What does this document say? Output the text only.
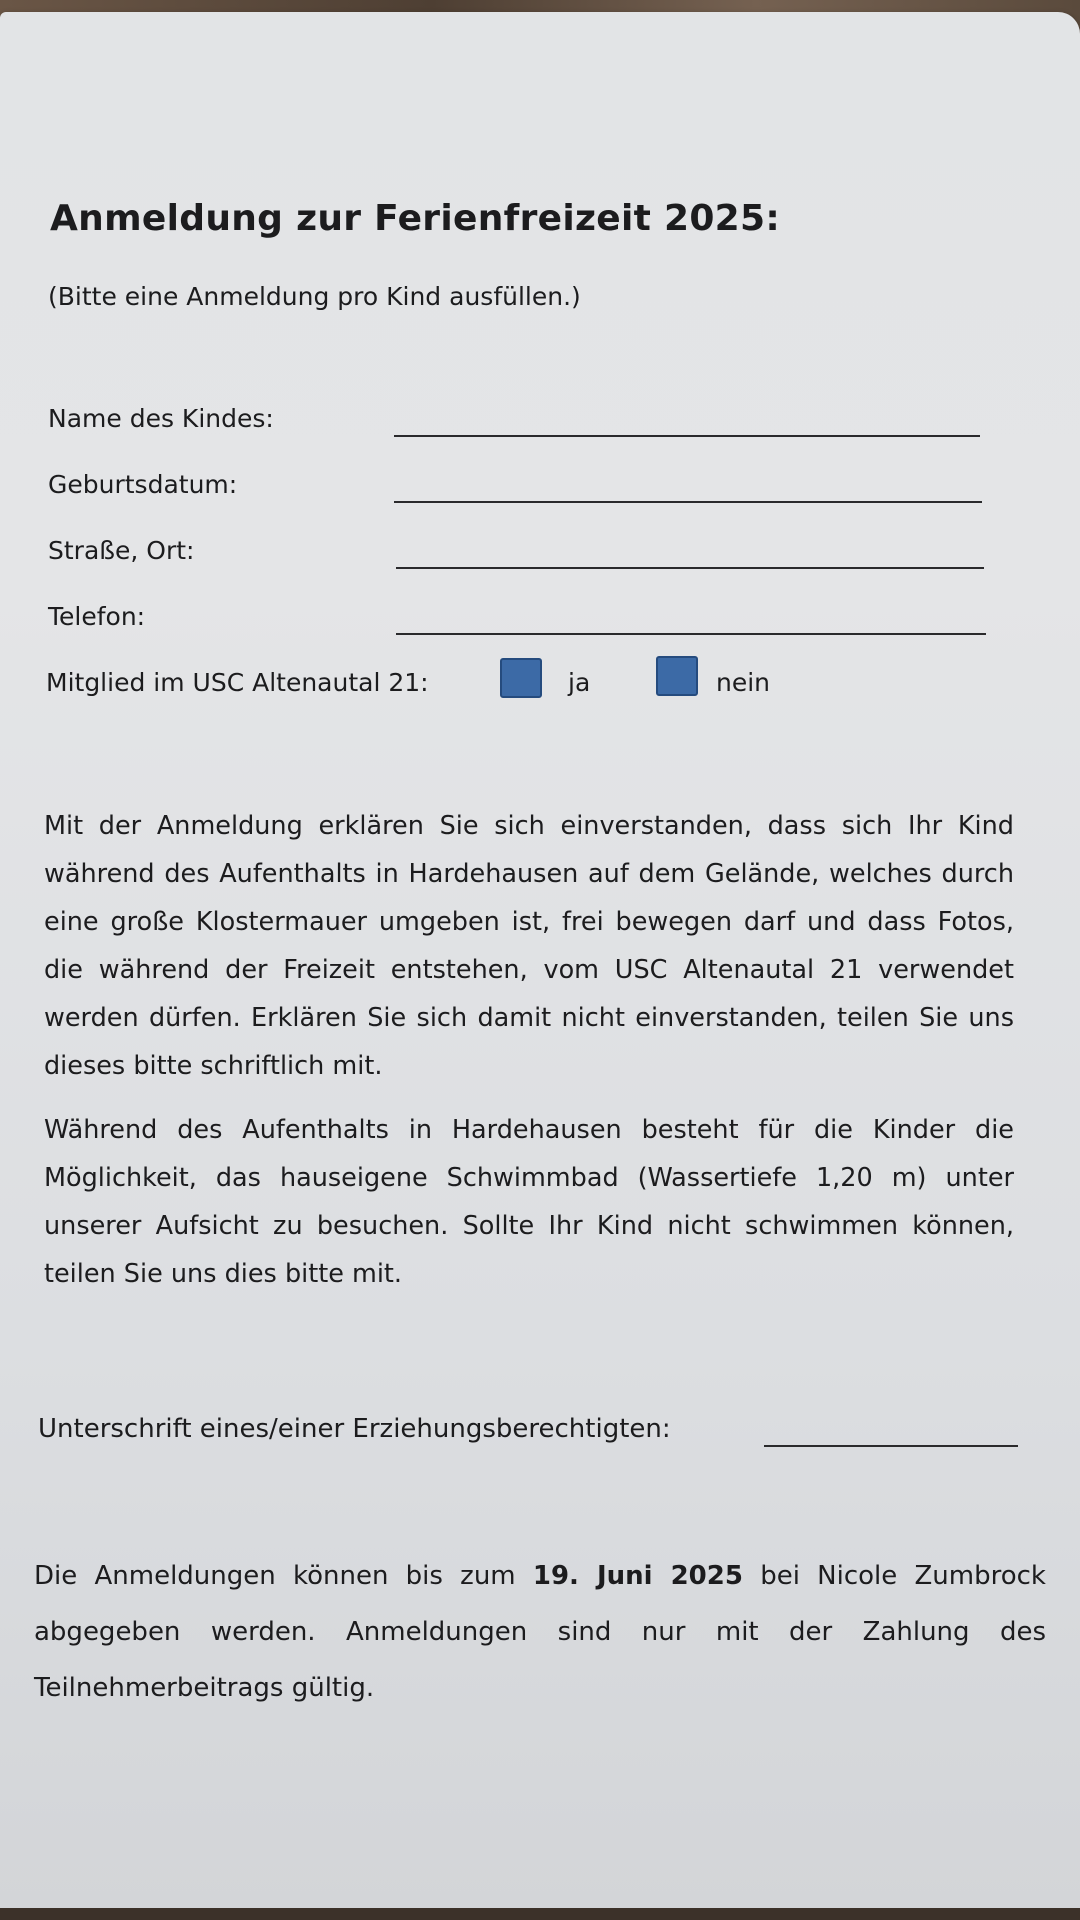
Anmeldung zur Ferienfreizeit 2025:

(Bitte eine Anmeldung pro Kind ausfüllen.)

Name des Kindes:
Geburtsdatum:
Straße, Ort:
Telefon:
Mitglied im USC Altenautal 21:	ja	nein

Mit der Anmeldung erklären Sie sich einverstanden, dass sich Ihr Kind während des Aufenthalts in Hardehausen auf dem Gelände, welches durch eine große Klostermauer umgeben ist, frei bewegen darf und dass Fotos, die während der Freizeit entstehen, vom USC Altenautal 21 verwendet werden dürfen. Erklären Sie sich damit nicht einverstanden, teilen Sie uns dieses bitte schriftlich mit.

Während des Aufenthalts in Hardehausen besteht für die Kinder die Möglichkeit, das hauseigene Schwimmbad (Wassertiefe 1,20 m) unter unserer Aufsicht zu besuchen. Sollte Ihr Kind nicht schwimmen können, teilen Sie uns dies bitte mit.

Unterschrift eines/einer Erziehungsberechtigten:

Die Anmeldungen können bis zum 19. Juni 2025 bei Nicole Zumbrock abgegeben werden. Anmeldungen sind nur mit der Zahlung des Teilnehmerbeitrags gültig.
